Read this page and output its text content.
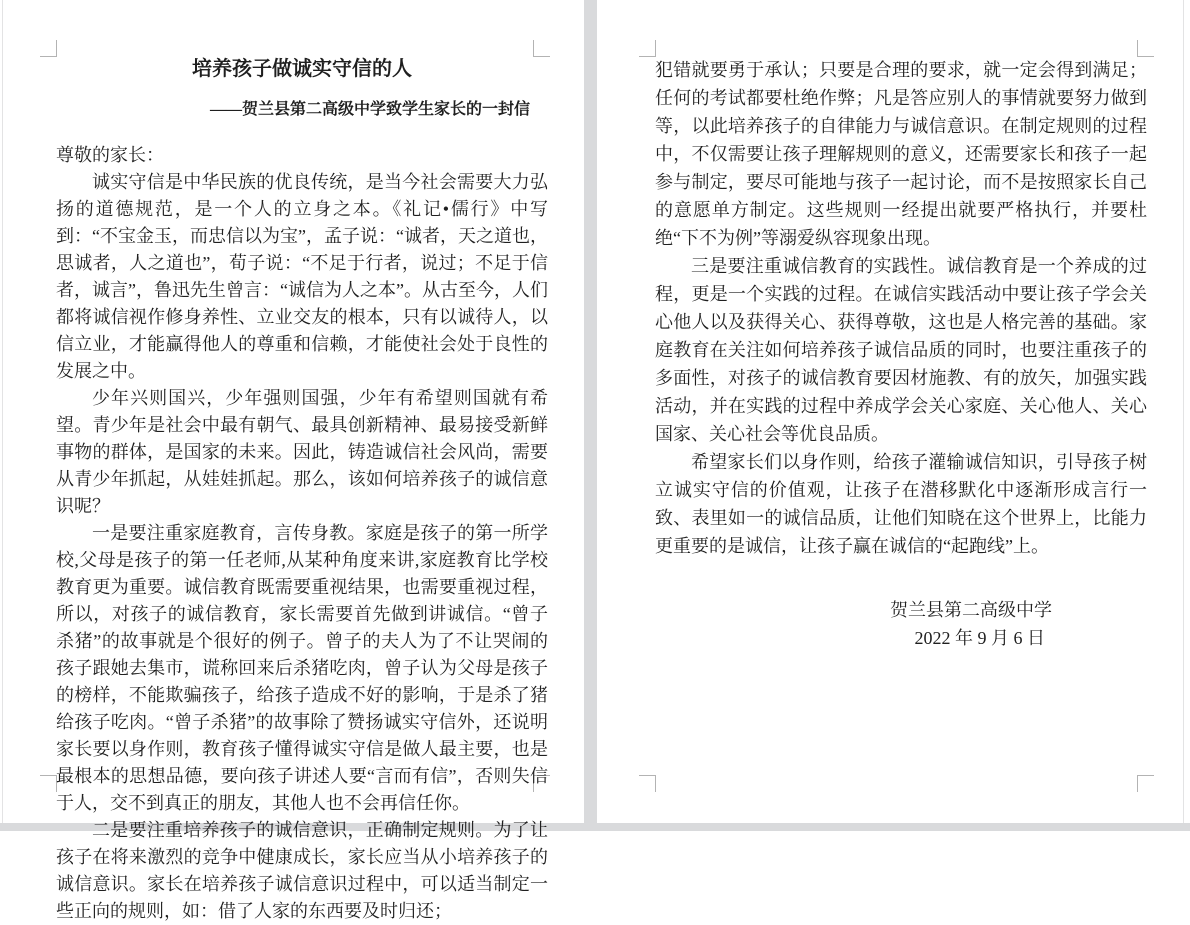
培养孩子做诚实守信的人
——贺兰县第二高级中学致学生家长的一封信
尊敬的家长：

诚实守信是中华民族的优良传统，是当今社会需要大力弘扬的道德规范，是一个人的立身之本。《礼记•儒行》中写到：“不宝金玉，而忠信以为宝”，孟子说：“诚者，天之道也，思诚者，人之道也”，荀子说：“不足于行者，说过；不足于信者，诚言”，鲁迅先生曾言：“诚信为人之本”。从古至今，人们都将诚信视作修身养性、立业交友的根本，只有以诚待人，以信立业，才能赢得他人的尊重和信赖，才能使社会处于良性的发展之中。

少年兴则国兴，少年强则国强，少年有希望则国就有希望。青少年是社会中最有朝气、最具创新精神、最易接受新鲜事物的群体，是国家的未来。因此，铸造诚信社会风尚，需要从青少年抓起，从娃娃抓起。那么，该如何培养孩子的诚信意识呢？

一是要注重家庭教育，言传身教。家庭是孩子的第一所学校,父母是孩子的第一任老师,从某种角度来讲,家庭教育比学校教育更为重要。诚信教育既需要重视结果，也需要重视过程，所以，对孩子的诚信教育，家长需要首先做到讲诚信。“曾子杀猪”的故事就是个很好的例子。曾子的夫人为了不让哭闹的孩子跟她去集市，谎称回来后杀猪吃肉，曾子认为父母是孩子的榜样，不能欺骗孩子，给孩子造成不好的影响，于是杀了猪给孩子吃肉。“曾子杀猪”的故事除了赞扬诚实守信外，还说明家长要以身作则，教育孩子懂得诚实守信是做人最主要，也是最根本的思想品德，要向孩子讲述人要“言而有信”，否则失信于人，交不到真正的朋友，其他人也不会再信任你。

二是要注重培养孩子的诚信意识，正确制定规则。为了让孩子在将来激烈的竞争中健康成长，家长应当从小培养孩子的诚信意识。家长在培养孩子诚信意识过程中，可以适当制定一些正向的规则，如：借了人家的东西要及时归还；

犯错就要勇于承认；只要是合理的要求，就一定会得到满足；任何的考试都要杜绝作弊；凡是答应别人的事情就要努力做到等，以此培养孩子的自律能力与诚信意识。在制定规则的过程中，不仅需要让孩子理解规则的意义，还需要家长和孩子一起参与制定，要尽可能地与孩子一起讨论，而不是按照家长自己的意愿单方制定。这些规则一经提出就要严格执行，并要杜绝“下不为例”等溺爱纵容现象出现。

三是要注重诚信教育的实践性。诚信教育是一个养成的过程，更是一个实践的过程。在诚信实践活动中要让孩子学会关心他人以及获得关心、获得尊敬，这也是人格完善的基础。家庭教育在关注如何培养孩子诚信品质的同时，也要注重孩子的多面性，对孩子的诚信教育要因材施教、有的放矢，加强实践活动，并在实践的过程中养成学会关心家庭、关心他人、关心国家、关心社会等优良品质。

希望家长们以身作则，给孩子灌输诚信知识，引导孩子树立诚实守信的价值观，让孩子在潜移默化中逐渐形成言行一致、表里如一的诚信品质，让他们知晓在这个世界上，比能力更重要的是诚信，让孩子赢在诚信的“起跑线”上。

贺兰县第二高级中学
2022 年 9 月 6 日
